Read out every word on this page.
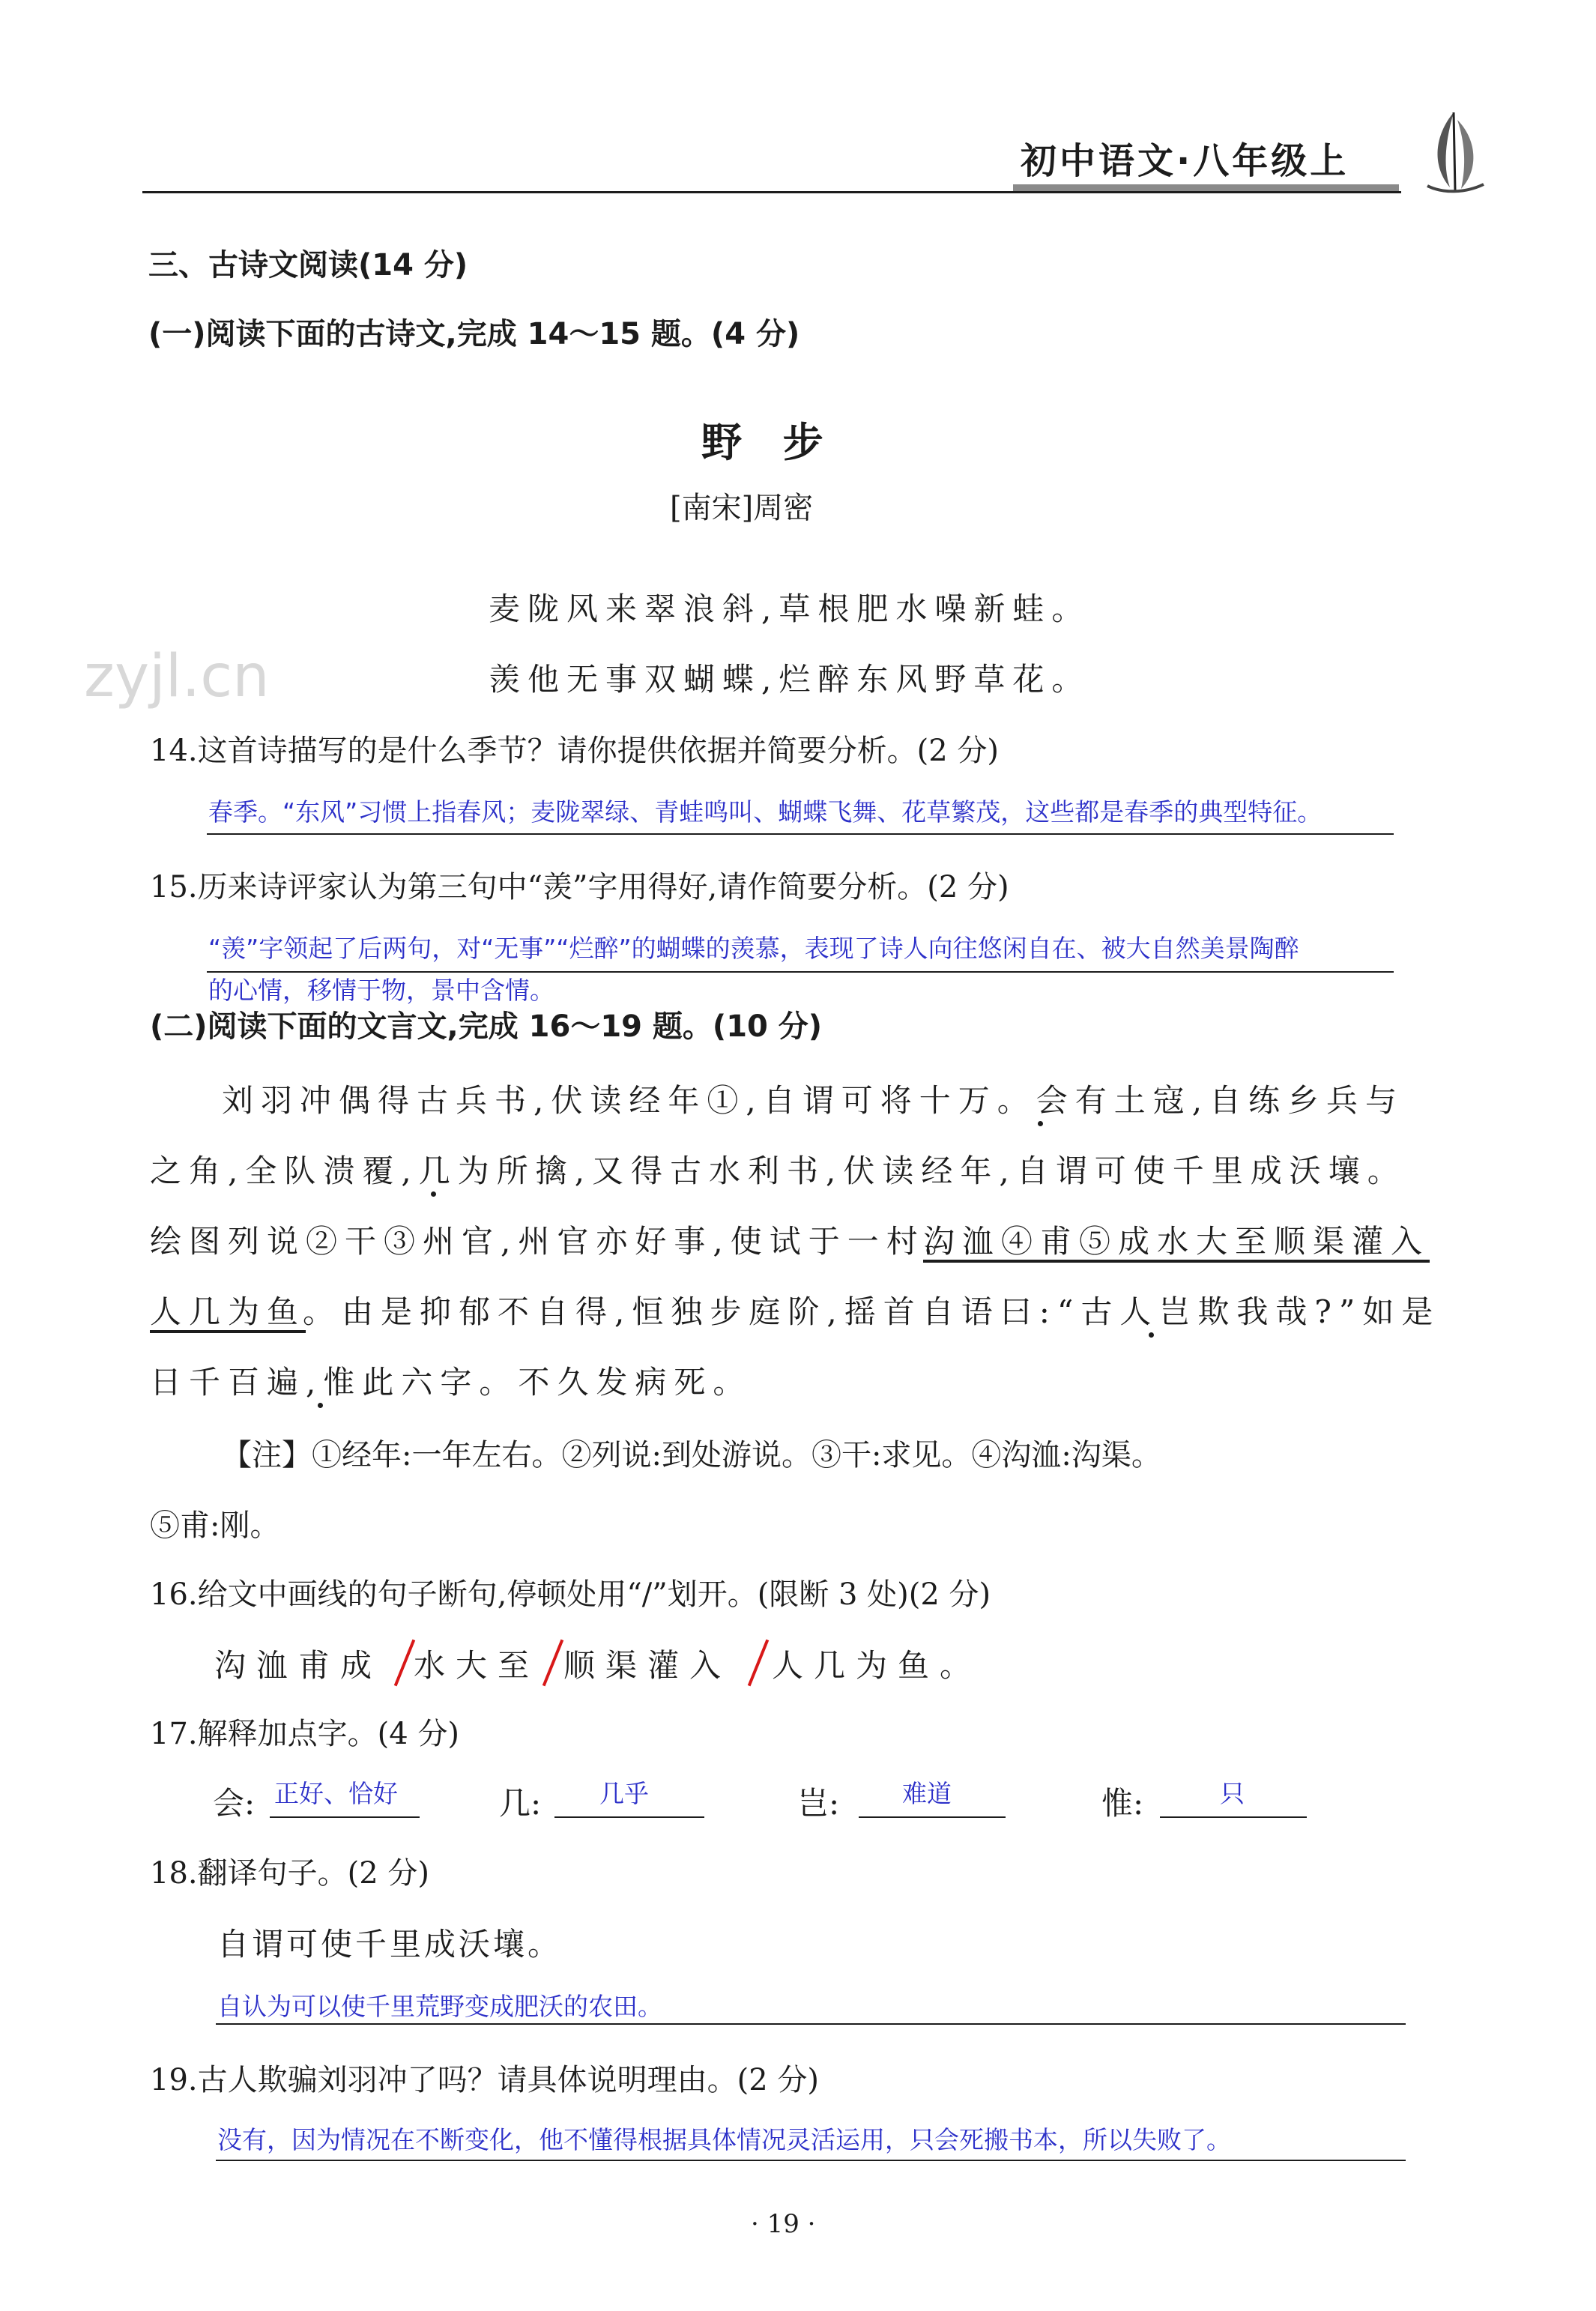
初中语文·八年级上
三、古诗文阅读(14 分)
(一)阅读下面的古诗文,完成 14～15 题。(4 分)
野 步
[南宋]周密
麦陇风来翠浪斜,草根肥水噪新蛙。
羡他无事双蝴蝶,烂醉东风野草花。
zyjl.cn
14.这首诗描写的是什么季节？请你提供依据并简要分析。(2 分)
春季。“东风”习惯上指春风；麦陇翠绿、青蛙鸣叫、蝴蝶飞舞、花草繁茂，这些都是春季的典型特征。
15.历来诗评家认为第三句中“羡”字用得好,请作简要分析。(2 分)
“羡”字领起了后两句，对“无事”“烂醉”的蝴蝶的羡慕，表现了诗人向往悠闲自在、被大自然美景陶醉
的心情，移情于物，景中含情。
(二)阅读下面的文言文,完成 16～19 题。(10 分)
刘羽冲偶得古兵书,伏读经年①,自谓可将十万。会有土寇,自练乡兵与
之角,全队溃覆,几为所擒,又得古水利书,伏读经年,自谓可使千里成沃壤。
绘图列说②干③州官,州官亦好事,使试于一村。
沟洫④甫⑤成水大至顺渠灌入
人几为鱼
。由是抑郁不自得,恒独步庭阶,摇首自语曰:“古人岂欺我哉?”如是
日千百遍,惟此六字。不久发病死。
【注】①经年:一年左右。②列说:到处游说。③干:求见。④沟洫:沟渠。
⑤甫:刚。
16.给文中画线的句子断句,停顿处用“/”划开。(限断 3 处)(2 分)
沟洫甫成 水大至 顺渠灌入 人几为鱼。
17.解释加点字。(4 分)
会: 正好、恰好	几: 几乎	岂:	难道	惟:	只
18.翻译句子。(2 分)
自谓可使千里成沃壤。
自认为可以使千里荒野变成肥沃的农田。
19.古人欺骗刘羽冲了吗？请具体说明理由。(2 分)
没有，因为情况在不断变化，他不懂得根据具体情况灵活运用，只会死搬书本，所以失败了。
· 19 ·
